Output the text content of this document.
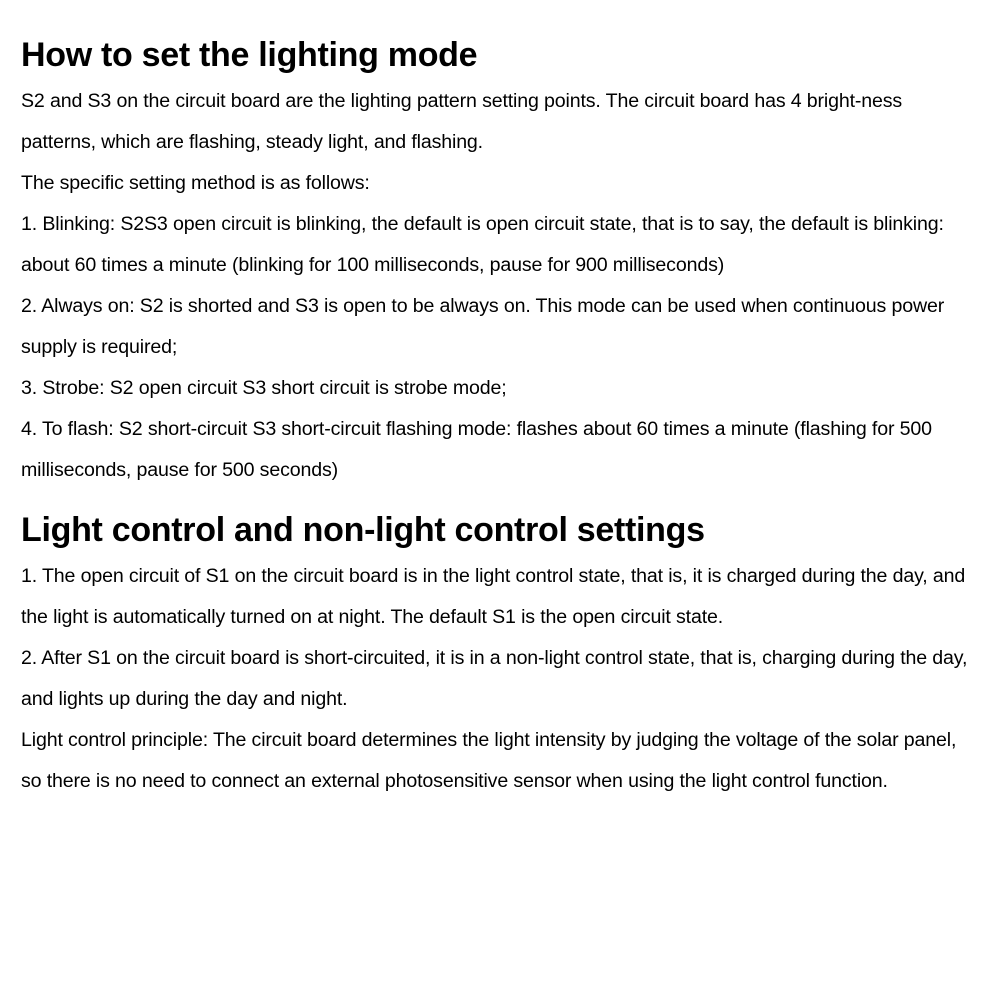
How to set the lighting mode

S2 and S3 on the circuit board are the lighting pattern setting points. The circuit board has 4 bright-ness patterns, which are flashing, steady light, and flashing.

The specific setting method is as follows:

1. Blinking: S2S3 open circuit is blinking, the default is open circuit state, that is to say, the default is blinking: about 60 times a minute (blinking for 100 milliseconds, pause for 900 milliseconds)

2. Always on: S2 is shorted and S3 is open to be always on. This mode can be used when continuous power supply is required;

3. Strobe: S2 open circuit S3 short circuit is strobe mode;

4. To flash: S2 short-circuit S3 short-circuit flashing mode: flashes about 60 times a minute (flashing for 500 milliseconds, pause for 500 seconds)

Light control and non-light control settings

1. The open circuit of S1 on the circuit board is in the light control state, that is, it is charged during the day, and the light is automatically turned on at night. The default S1 is the open circuit state.

2. After S1 on the circuit board is short-circuited, it is in a non-light control state, that is, charging during the day, and lights up during the day and night.

Light control principle: The circuit board determines the light intensity by judging the voltage of the solar panel, so there is no need to connect an external photosensitive sensor when using the light control function.
